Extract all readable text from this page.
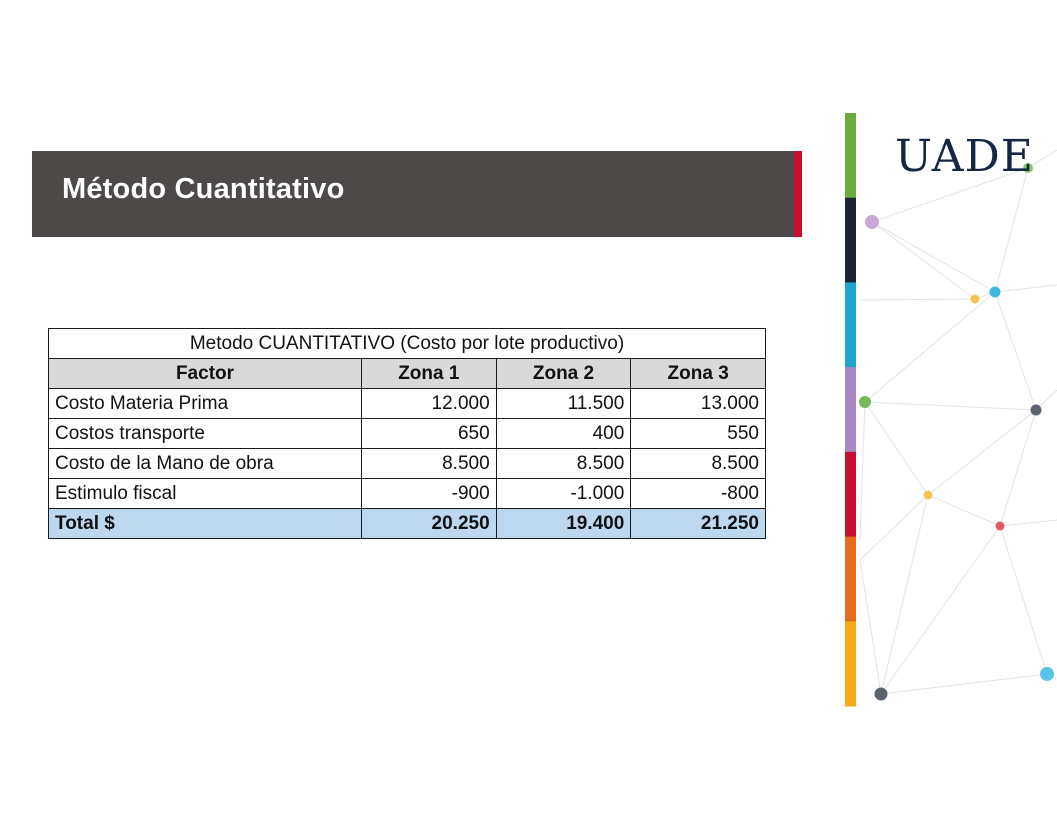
Método Cuantitativo
Metodo CUANTITATIVO (Costo por lote productivo)			
Factor	Zona 1	Zona 2	Zona 3
Costo Materia Prima	12.000	11.500	13.000
Costos transporte	650	400	550
Costo de la Mano de obra	8.500	8.500	8.500
Estimulo fiscal	-900	-1.000	-800
Total $	20.250	19.400	21.250
UADE
